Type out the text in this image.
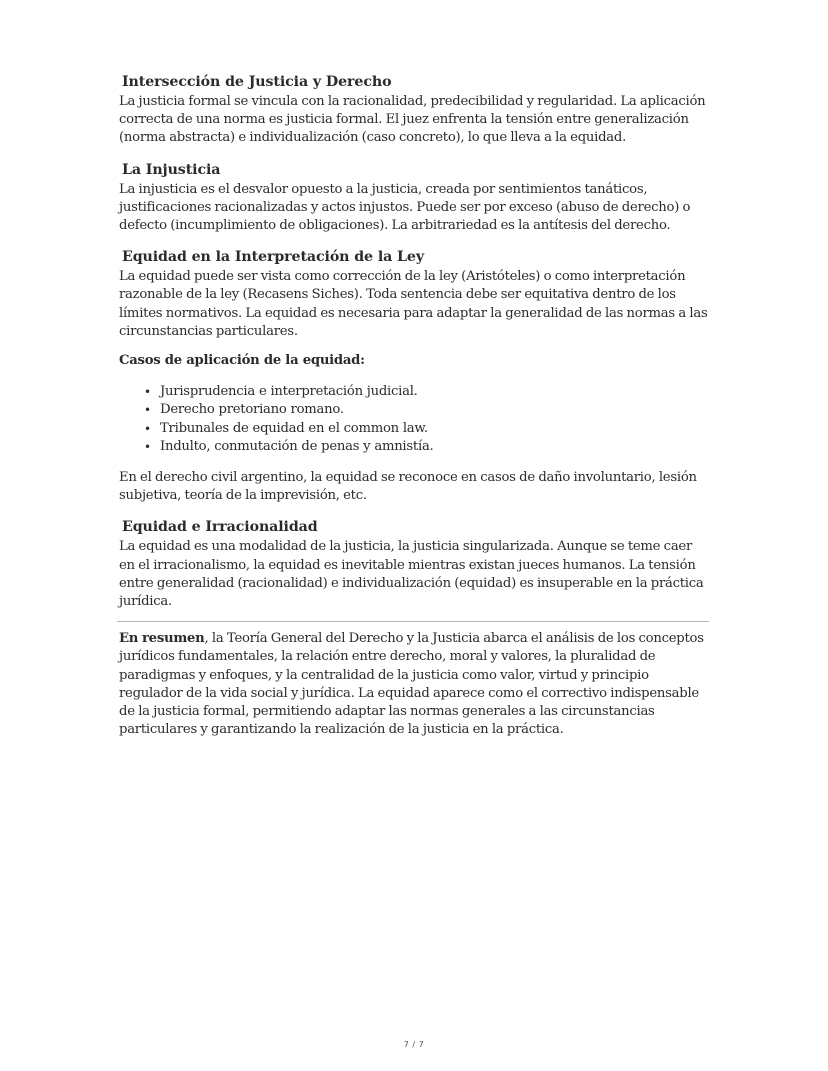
Intersección de Justicia y Derecho

La justicia formal se vincula con la racionalidad, predecibilidad y regularidad. La aplicación correcta de una norma es justicia formal. El juez enfrenta la tensión entre generalización (norma abstracta) e individualización (caso concreto), lo que lleva a la equidad.

La Injusticia

La injusticia es el desvalor opuesto a la justicia, creada por sentimientos tanáticos, justificaciones racionalizadas y actos injustos. Puede ser por exceso (abuso de derecho) o defecto (incumplimiento de obligaciones). La arbitrariedad es la antítesis del derecho.

Equidad en la Interpretación de la Ley

La equidad puede ser vista como corrección de la ley (Aristóteles) o como interpretación razonable de la ley (Recasens Siches). Toda sentencia debe ser equitativa dentro de los límites normativos. La equidad es necesaria para adaptar la generalidad de las normas a las circunstancias particulares.

Casos de aplicación de la equidad:
• Jurisprudencia e interpretación judicial.
• Derecho pretoriano romano.
• Tribunales de equidad en el common law.
• Indulto, conmutación de penas y amnistía.

En el derecho civil argentino, la equidad se reconoce en casos de daño involuntario, lesión subjetiva, teoría de la imprevisión, etc.

Equidad e Irracionalidad

La equidad es una modalidad de la justicia, la justicia singularizada. Aunque se teme caer en el irracionalismo, la equidad es inevitable mientras existan jueces humanos. La tensión entre generalidad (racionalidad) e individualización (equidad) es insuperable en la práctica jurídica.

En resumen, la Teoría General del Derecho y la Justicia abarca el análisis de los conceptos jurídicos fundamentales, la relación entre derecho, moral y valores, la pluralidad de paradigmas y enfoques, y la centralidad de la justicia como valor, virtud y principio regulador de la vida social y jurídica. La equidad aparece como el correctivo indispensable de la justicia formal, permitiendo adaptar las normas generales a las circunstancias particulares y garantizando la realización de la justicia en la práctica.

7 / 7
